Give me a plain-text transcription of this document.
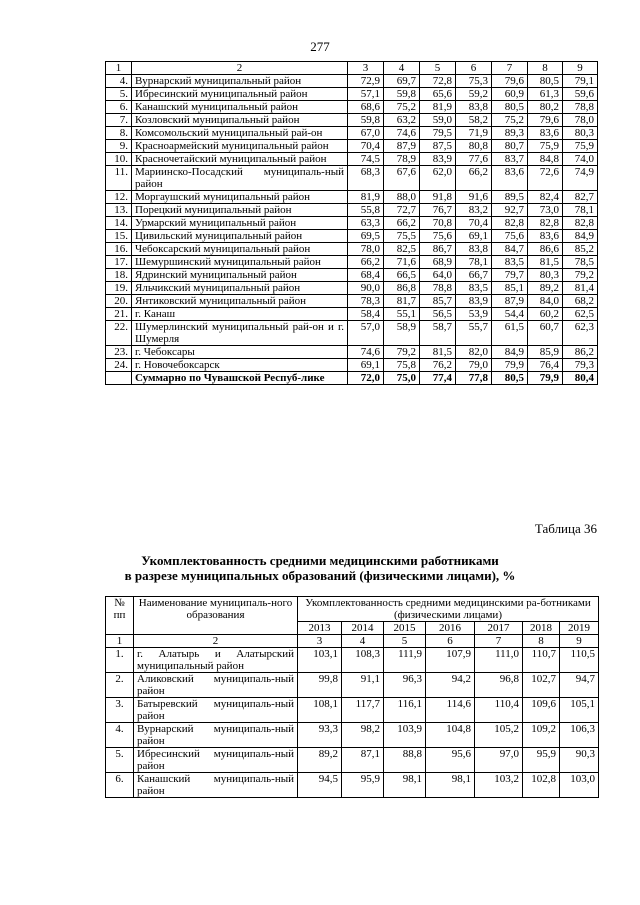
277
1	2	3	4	5	6	7	8	9
4.	Вурнарский муниципальный район	72,9	69,7	72,8	75,3	79,6	80,5	79,1
5.	Ибресинский муниципальный район	57,1	59,8	65,6	59,2	60,9	61,3	59,6
6.	Канашский муниципальный район	68,6	75,2	81,9	83,8	80,5	80,2	78,8
7.	Козловский муниципальный район	59,8	63,2	59,0	58,2	75,2	79,6	78,0
8.	Комсомольский муниципальный рай-он	67,0	74,6	79,5	71,9	89,3	83,6	80,3
9.	Красноармейский муниципальный район	70,4	87,9	87,5	80,8	80,7	75,9	75,9
10.	Красночетайский муниципальный район	74,5	78,9	83,9	77,6	83,7	84,8	74,0
11.	Мариинско-Посадский муниципаль-ный район	68,3	67,6	62,0	66,2	83,6	72,6	74,9
12.	Моргаушский муниципальный район	81,9	88,0	91,8	91,6	89,5	82,4	82,7
13.	Порецкий муниципальный район	55,8	72,7	76,7	83,2	92,7	73,0	78,1
14.	Урмарский муниципальный район	63,3	66,2	70,8	70,4	82,8	82,8	82,8
15.	Цивильский муниципальный район	69,5	75,5	75,6	69,1	75,6	83,6	84,9
16.	Чебоксарский муниципальный район	78,0	82,5	86,7	83,8	84,7	86,6	85,2
17.	Шемуршинский муниципальный район	66,2	71,6	68,9	78,1	83,5	81,5	78,5
18.	Ядринский муниципальный район	68,4	66,5	64,0	66,7	79,7	80,3	79,2
19.	Яльчикский муниципальный район	90,0	86,8	78,8	83,5	85,1	89,2	81,4
20.	Янтиковский муниципальный район	78,3	81,7	85,7	83,9	87,9	84,0	68,2
21.	г. Канаш	58,4	55,1	56,5	53,9	54,4	60,2	62,5
22.	Шумерлинский муниципальный рай-он и г. Шумерля	57,0	58,9	58,7	55,7	61,5	60,7	62,3
23.	г. Чебоксары	74,6	79,2	81,5	82,0	84,9	85,9	86,2
24.	г. Новочебоксарск	69,1	75,8	76,2	79,0	79,9	76,4	79,3
	Суммарно по Чувашской Респуб-лике	72,0	75,0	77,4	77,8	80,5	79,9	80,4
Таблица 36
Укомплектованность средними медицинскими работниками
в разрезе муниципальных образований (физическими лицами), %
№ пп	Наименование муниципаль-ного образования	Укомплектованность средними медицинскими ра-ботниками (физическими лицами)						
		2013	2014	2015	2016	2017	2018	2019
1	2	3	4	5	6	7	8	9
1.	г. Алатырь и Алатырский муниципальный район	103,1	108,3	111,9	107,9	111,0	110,7	110,5
2.	Аликовский муниципаль-ный район	99,8	91,1	96,3	94,2	96,8	102,7	94,7
3.	Батыревский муниципаль-ный район	108,1	117,7	116,1	114,6	110,4	109,6	105,1
4.	Вурнарский муниципаль-ный район	93,3	98,2	103,9	104,8	105,2	109,2	106,3
5.	Ибресинский муниципаль-ный район	89,2	87,1	88,8	95,6	97,0	95,9	90,3
6.	Канашский муниципаль-ный район	94,5	95,9	98,1	98,1	103,2	102,8	103,0
